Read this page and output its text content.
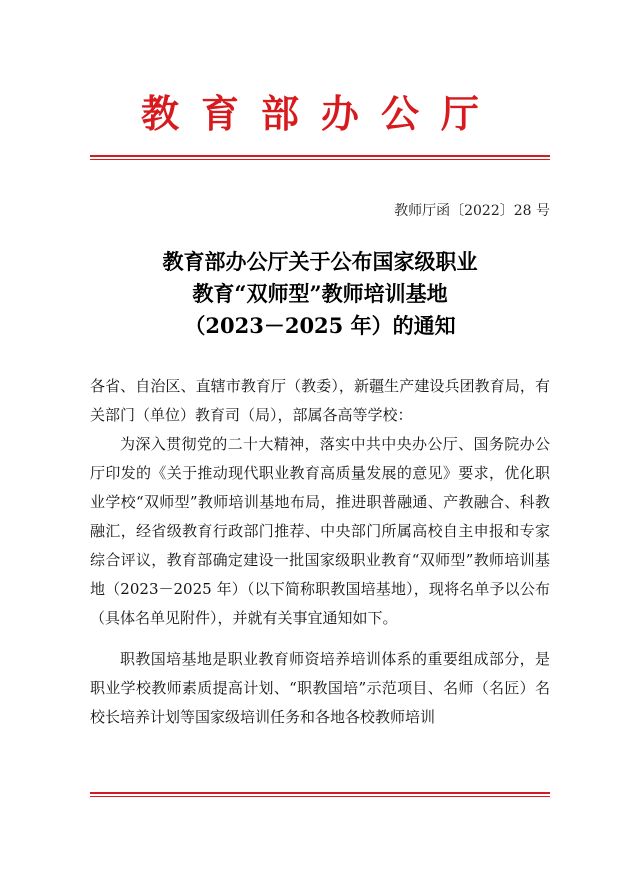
教育部办公厅
教师厅函〔2022〕28 号
教育部办公厅关于公布国家级职业
教育“双师型”教师培训基地
（2023－2025 年）的通知

各省、自治区、直辖市教育厅（教委），新疆生产建设兵团教育局，有关部门（单位）教育司（局），部属各高等学校：

为深入贯彻党的二十大精神，落实中共中央办公厅、国务院办公厅印发的《关于推动现代职业教育高质量发展的意见》要求，优化职业学校“双师型”教师培训基地布局，推进职普融通、产教融合、科教融汇，经省级教育行政部门推荐、中央部门所属高校自主申报和专家综合评议，教育部确定建设一批国家级职业教育“双师型”教师培训基地（2023－2025 年）（以下简称职教国培基地），现将名单予以公布（具体名单见附件），并就有关事宜通知如下。

职教国培基地是职业教育师资培养培训体系的重要组成部分，是职业学校教师素质提高计划、“职教国培”示范项目、名师（名匠）名校长培养计划等国家级培训任务和各地各校教师培训
